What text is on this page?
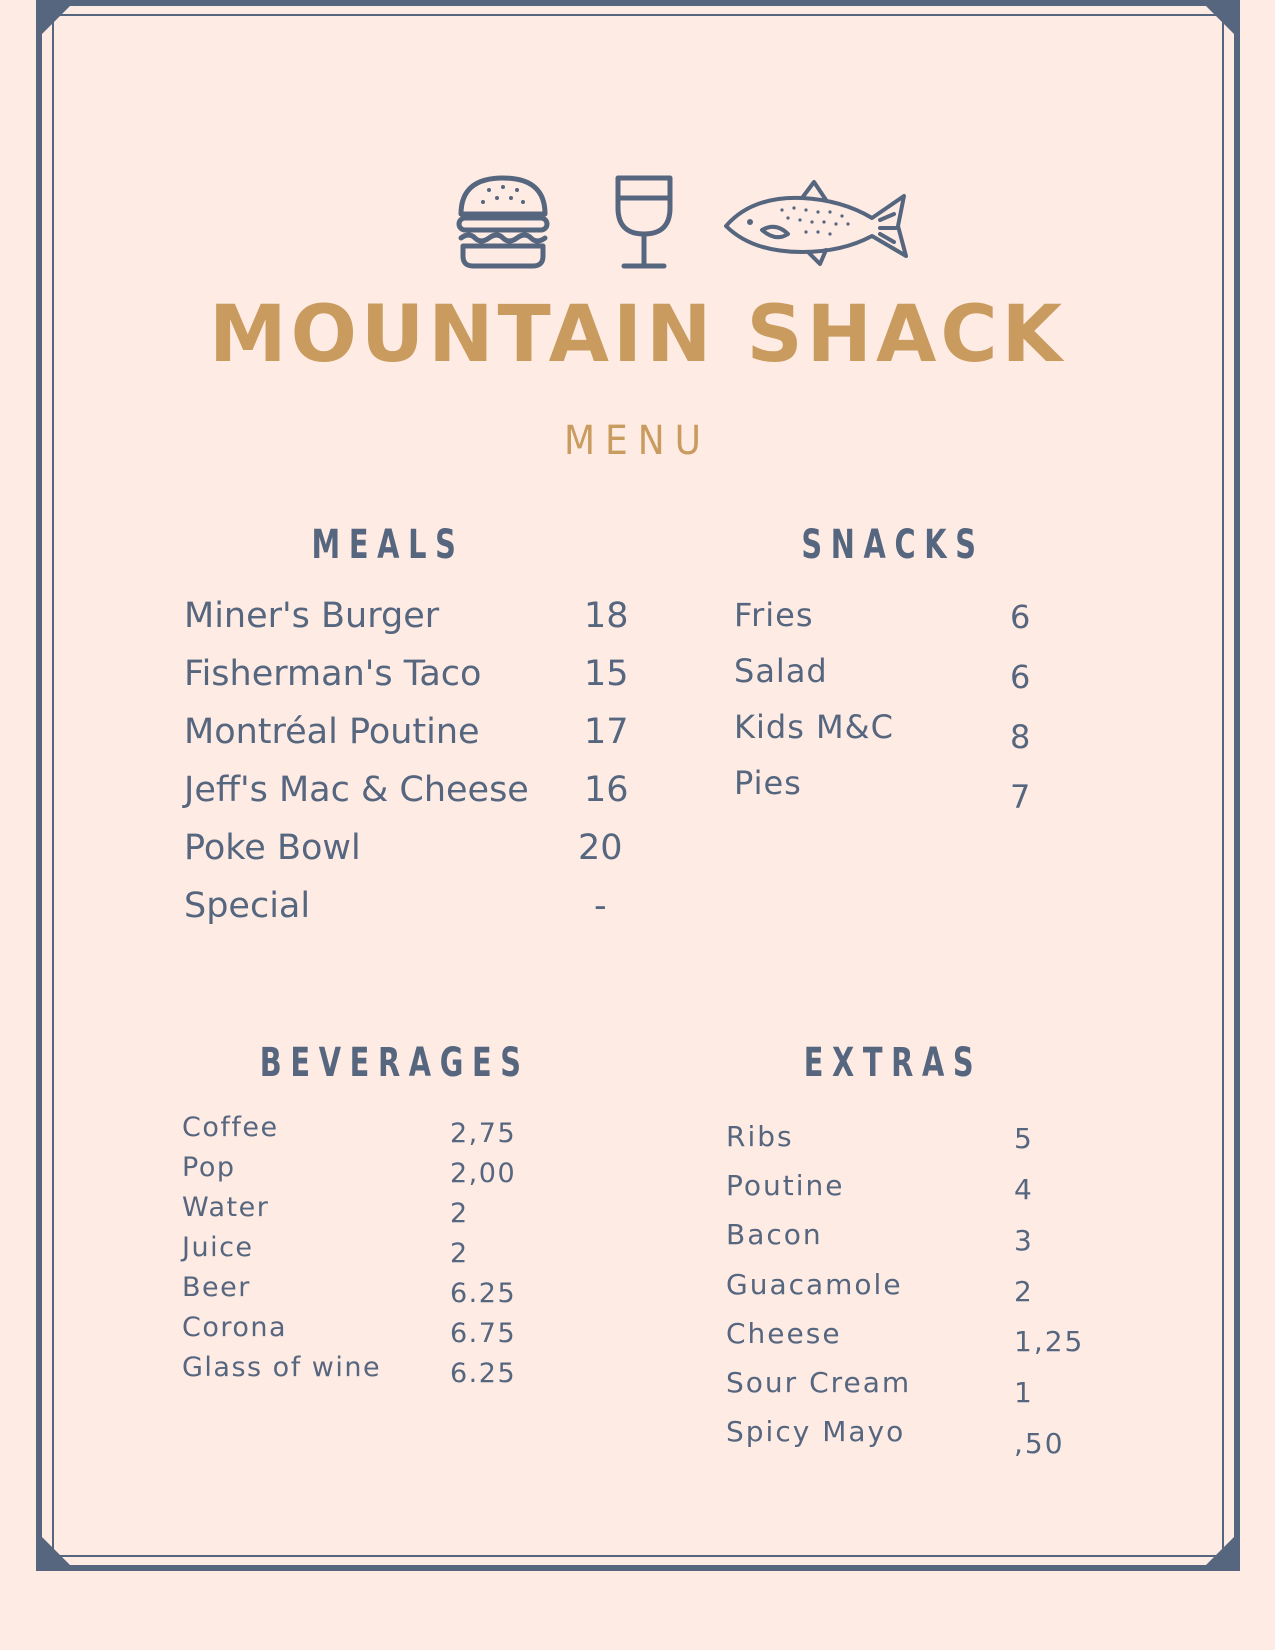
MOUNTAIN SHACK
MENU
MEALS
Miner's Burger	18
Fisherman's Taco	15
Montréal Poutine	17
Jeff's Mac & Cheese 16
Poke Bowl	20
Special	-
SNACKS
Fries	6
Salad	6
Kids M&C	8
Pies	7
BEVERAGES
Coffee	2,75
Pop	2,00
Water	2
Juice	2
Beer	6.25
Corona	6.75
Glass of wine	6.25
EXTRAS
Ribs	5
Poutine	4
Bacon	3
Guacamole	2
Cheese	1,25
Sour Cream	1
Spicy Mayo	,50
